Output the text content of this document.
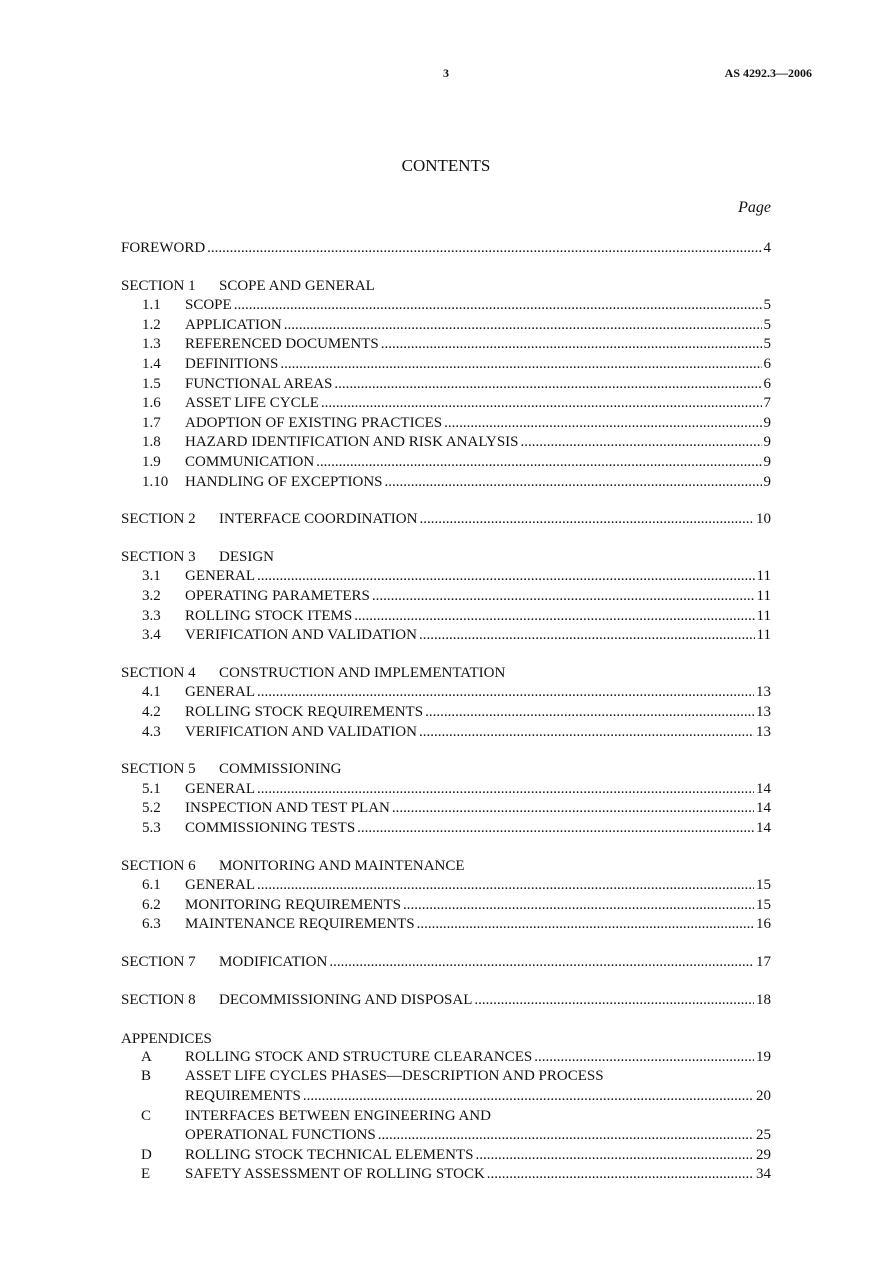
3	AS 4292.3—2006
CONTENTS
Page
FOREWORD .....	4
SECTION 1 SCOPE AND GENERAL
1.1	SCOPE .....	5
1.2	APPLICATION .....	5
1.3	REFERENCED DOCUMENTS .....	5
1.4	DEFINITIONS .....	6
1.5	FUNCTIONAL AREAS .....	6
1.6	ASSET LIFE CYCLE .....	7
1.7	ADOPTION OF EXISTING PRACTICES .....	9
1.8	HAZARD IDENTIFICATION AND RISK ANALYSIS .....	9
1.9	COMMUNICATION .....	9
1.10	HANDLING OF EXCEPTIONS .....	9
SECTION 2	INTERFACE COORDINATION .....	10
SECTION 3 DESIGN
3.1	GENERAL .....	11
3.2	OPERATING PARAMETERS .....	11
3.3	ROLLING STOCK ITEMS .....	11
3.4	VERIFICATION AND VALIDATION .....	11
SECTION 4 CONSTRUCTION AND IMPLEMENTATION
4.1	GENERAL .....	13
4.2	ROLLING STOCK REQUIREMENTS .....	13
4.3	VERIFICATION AND VALIDATION .....	13
SECTION 5 COMMISSIONING
5.1	GENERAL .....	14
5.2	INSPECTION AND TEST PLAN .....	14
5.3	COMMISSIONING TESTS .....	14
SECTION 6 MONITORING AND MAINTENANCE
6.1	GENERAL .....	15
6.2	MONITORING REQUIREMENTS .....	15
6.3	MAINTENANCE REQUIREMENTS .....	16
SECTION 7	MODIFICATION .....	17
SECTION 8	DECOMMISSIONING AND DISPOSAL .....	18
APPENDICES
A	ROLLING STOCK AND STRUCTURE CLEARANCES .....	19
B	ASSET LIFE CYCLES PHASES—DESCRIPTION AND PROCESS
REQUIREMENTS .....	20
C	INTERFACES BETWEEN ENGINEERING AND
OPERATIONAL FUNCTIONS .....	25
D	ROLLING STOCK TECHNICAL ELEMENTS .....	29
E	SAFETY ASSESSMENT OF ROLLING STOCK .....	34
